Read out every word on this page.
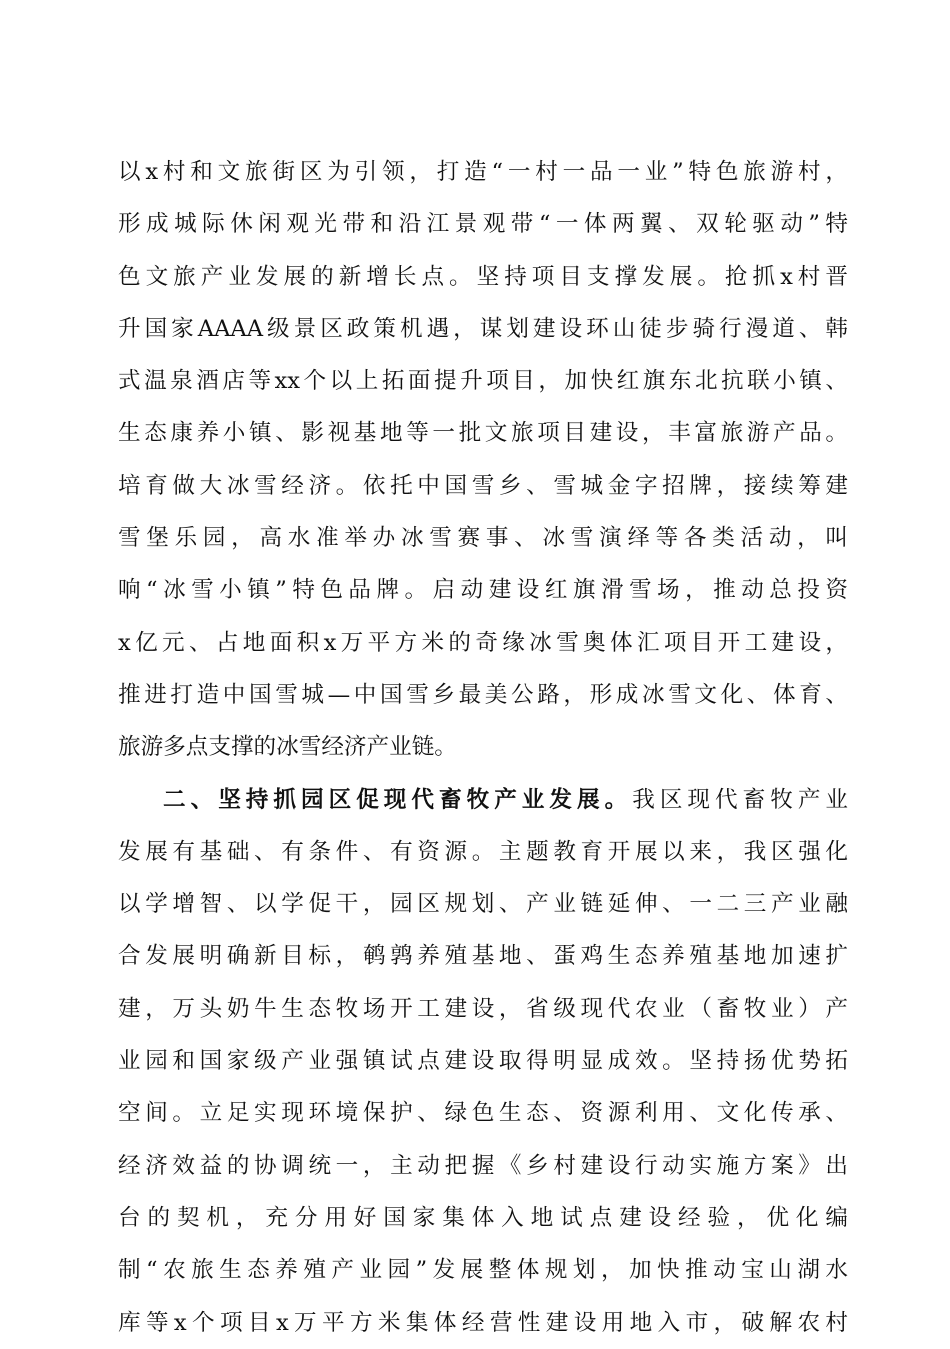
以x村和文旅街区为引领，打造“一村一品一业”特色旅游村，
形成城际休闲观光带和沿江景观带“一体两翼、双轮驱动”特
色文旅产业发展的新增长点。坚持项目支撑发展。抢抓x村晋
升国家AAAA级景区政策机遇，谋划建设环山徒步骑行漫道、韩
式温泉酒店等xx个以上拓面提升项目，加快红旗东北抗联小镇、
生态康养小镇、影视基地等一批文旅项目建设，丰富旅游产品。
培育做大冰雪经济。依托中国雪乡、雪城金字招牌，接续筹建
雪堡乐园，高水准举办冰雪赛事、冰雪演绎等各类活动，叫
响“冰雪小镇”特色品牌。启动建设红旗滑雪场，推动总投资
x亿元、占地面积x万平方米的奇缘冰雪奥体汇项目开工建设，
推进打造中国雪城—中国雪乡最美公路，形成冰雪文化、体育、
旅游多点支撑的冰雪经济产业链。
二、坚持抓园区促现代畜牧产业发展。我区现代畜牧产业
发展有基础、有条件、有资源。主题教育开展以来，我区强化
以学增智、以学促干，园区规划、产业链延伸、一二三产业融
合发展明确新目标，鹌鹑养殖基地、蛋鸡生态养殖基地加速扩
建，万头奶牛生态牧场开工建设，省级现代农业（畜牧业）产
业园和国家级产业强镇试点建设取得明显成效。坚持扬优势拓
空间。立足实现环境保护、绿色生态、资源利用、文化传承、
经济效益的协调统一，主动把握《乡村建设行动实施方案》出
台的契机，充分用好国家集体入地试点建设经验，优化编
制“农旅生态养殖产业园”发展整体规划，加快推动宝山湖水
库等x个项目x万平方米集体经营性建设用地入市，破解农村
